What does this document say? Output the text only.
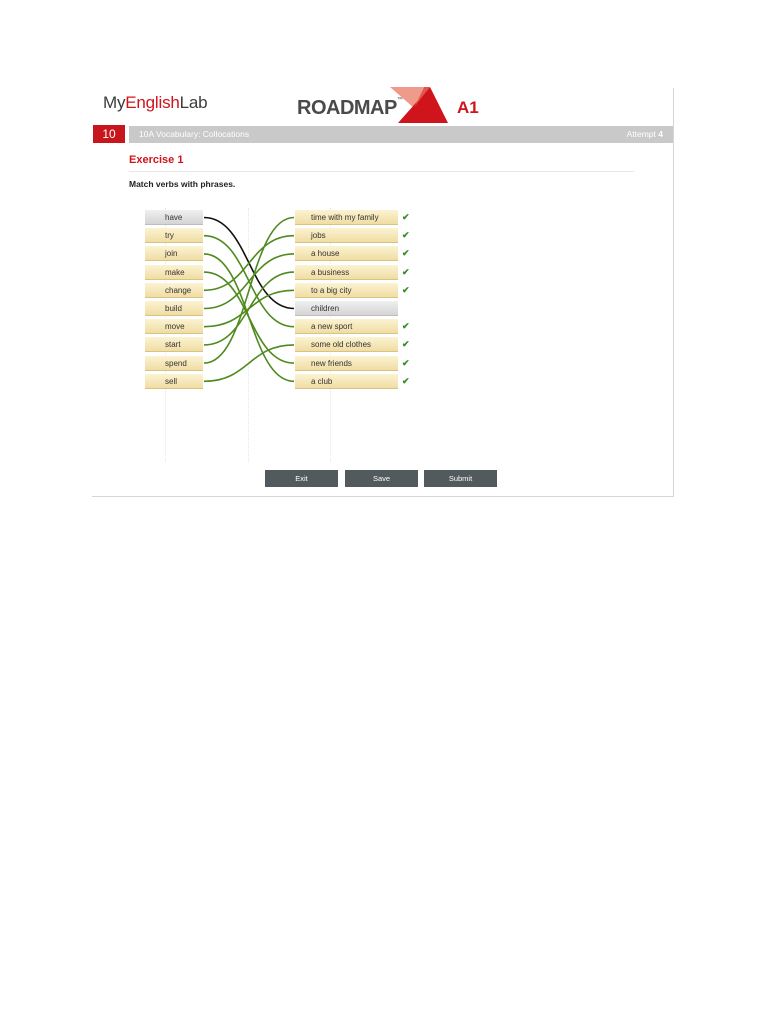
MyEnglishLab	ROADMAP™	A1
10	10A Vocabulary: Collocations	Attempt 4
Exercise 1
Match verbs with phrases.
have
try
join
make
change
build
move
start
spend
sell
time with my family	✔
jobs	✔
a house	✔
a business	✔
to a big city	✔
children
a new sport	✔
some old clothes	✔
new friends	✔
a club	✔
Exit	Save	Submit
